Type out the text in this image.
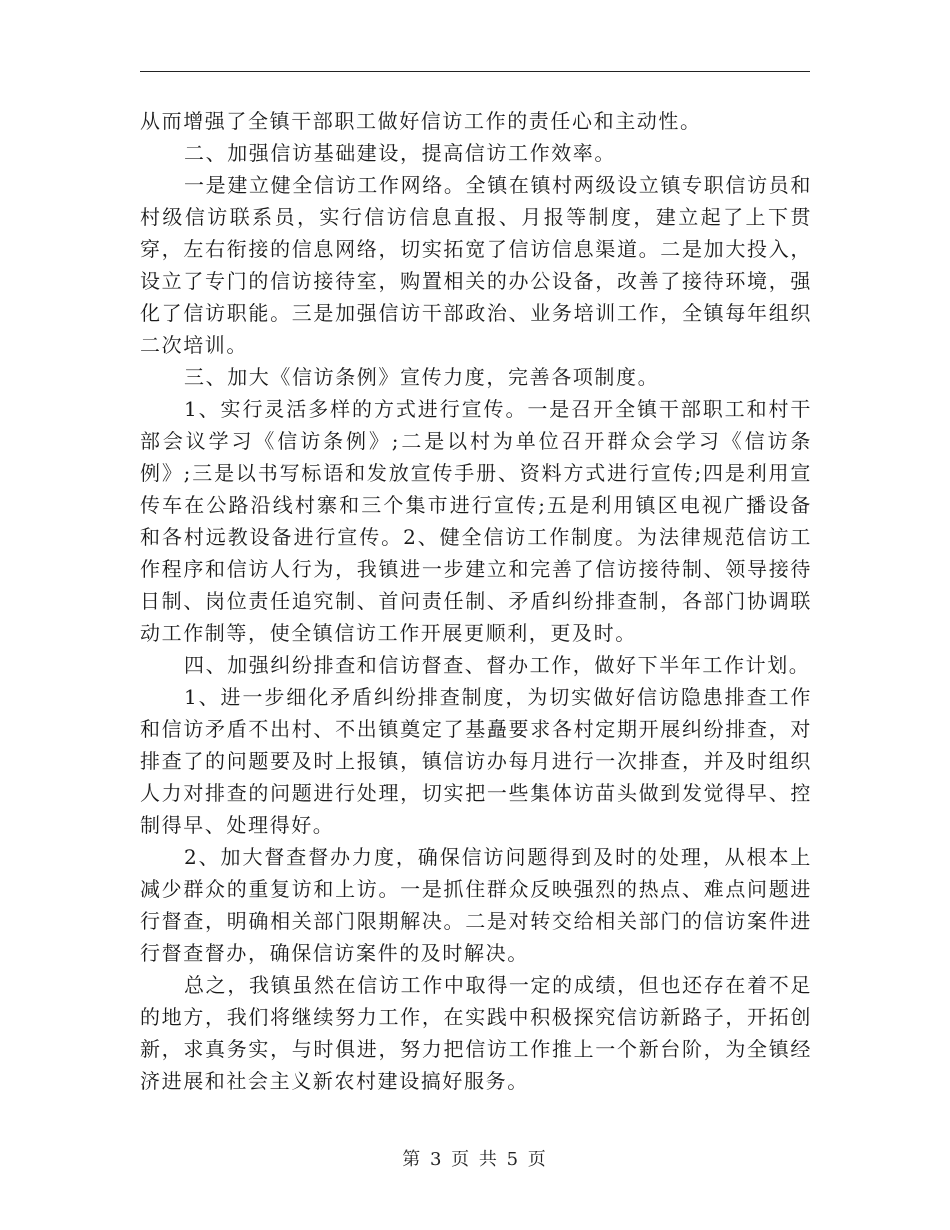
从而增强了全镇干部职工做好信访工作的责任心和主动性。

二、加强信访基础建设，提高信访工作效率。

一是建立健全信访工作网络。全镇在镇村两级设立镇专职信访员和村级信访联系员，实行信访信息直报、月报等制度，建立起了上下贯穿，左右衔接的信息网络，切实拓宽了信访信息渠道。二是加大投入，设立了专门的信访接待室，购置相关的办公设备，改善了接待环境，强化了信访职能。三是加强信访干部政治、业务培训工作，全镇每年组织二次培训。

三、加大《信访条例》宣传力度，完善各项制度。

1、实行灵活多样的方式进行宣传。一是召开全镇干部职工和村干部会议学习《信访条例》;二是以村为单位召开群众会学习《信访条例》;三是以书写标语和发放宣传手册、资料方式进行宣传;四是利用宣传车在公路沿线村寨和三个集市进行宣传;五是利用镇区电视广播设备和各村远教设备进行宣传。2、健全信访工作制度。为法律规范信访工作程序和信访人行为，我镇进一步建立和完善了信访接待制、领导接待日制、岗位责任追究制、首问责任制、矛盾纠纷排查制，各部门协调联动工作制等，使全镇信访工作开展更顺利，更及时。

四、加强纠纷排查和信访督查、督办工作，做好下半年工作计划。

1、进一步细化矛盾纠纷排查制度，为切实做好信访隐患排查工作和信访矛盾不出村、不出镇奠定了基矗要求各村定期开展纠纷排查，对排查了的问题要及时上报镇，镇信访办每月进行一次排查，并及时组织人力对排查的问题进行处理，切实把一些集体访苗头做到发觉得早、控制得早、处理得好。

2、加大督查督办力度，确保信访问题得到及时的处理，从根本上减少群众的重复访和上访。一是抓住群众反映强烈的热点、难点问题进行督查，明确相关部门限期解决。二是对转交给相关部门的信访案件进行督查督办，确保信访案件的及时解决。

总之，我镇虽然在信访工作中取得一定的成绩，但也还存在着不足的地方，我们将继续努力工作，在实践中积极探究信访新路子，开拓创新，求真务实，与时俱进，努力把信访工作推上一个新台阶，为全镇经济进展和社会主义新农村建设搞好服务。

第 3 页 共 5 页
